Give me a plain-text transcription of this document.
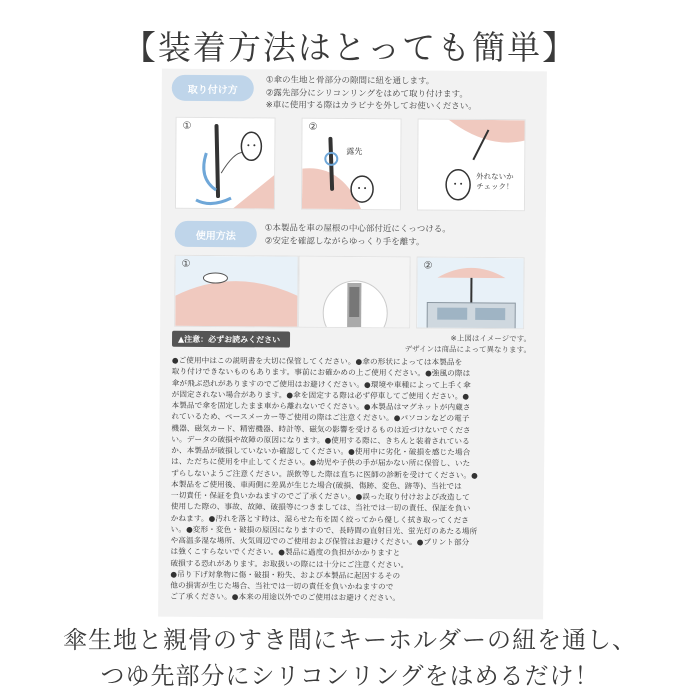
【装着方法はとっても簡単】
取り付け方
①傘の生地と骨部分の隙間に紐を通します。
②露先部分にシリコンリングをはめて取り付けます。
※車に使用する際はカラビナを外してお使いください。
①	②
露先
外れないか
チェック！
使用方法
①本製品を車の屋根の中心部付近にくっつける。
②安定を確認しながらゆっくり手を離す。
①	②
▲注意：必ずお読みください	※上図はイメージです。
デザインは商品によって異なります。

●ご使用中はこの説明書を大切に保管してください。●傘の形状によっては本製品を

取り付けできないものもあります。事前にお確かめの上ご使用ください。●強風の際は

傘が飛ぶ恐れがありますのでご使用はお避けください。●環境や車種によって上手く傘

が固定されない場合があります。●傘を固定する際は必ず停車してご使用ください。●

本製品で傘を固定したまま車から離れないでください。●本製品はマグネットが内蔵さ

れているため、ペースメーカー等ご使用の際はご注意ください。●パソコンなどの電子

機器、磁気カード、精密機器、時計等、磁気の影響を受けるものは近づけないでくださ

い。データの破損や故障の原因になります。●使用する際に、きちんと装着されている

か、本製品が破損していないか確認してください。●使用中に劣化・破損を感じた場合

は、ただちに使用を中止してください。●幼児や子供の手が届かない所に保管し、いた

ずらしないようご注意ください。誤飲等した際は直ちに医師の診断を受けてください。●

本製品をご使用後、車両側に差異が生じた場合(破損、傷跡、変色、跡等)、当社では

一切責任・保証を負いかねますのでご了承ください。●誤った取り付けおよび改造して

使用した際の、事故、故障、破損等につきましては、当社では一切の責任、保証を負い

かねます。●汚れを落とす時は、湿らせた布を固く絞ってから優しく拭き取ってくださ

い。●変形・変色・破損の原因になりますので、長時間の直射日光、蛍光灯のあたる場所

や高温多湿な場所、火気周辺でのご使用および保管はお避けください。●プリント部分

は強くこすらないでください。●製品に過度の負担がかかりますと

破損する恐れがあります。お取扱いの際には十分にご注意ください。

●吊り下げ対象物に傷・破損・粉失、および本製品に起因するその

他の損害が生じた場合、当社では一切の責任を負いかねますので

ご了承ください。●本来の用途以外でのご使用はお避けください。

傘生地と親骨のすき間にキーホルダーの紐を通し、
つゆ先部分にシリコンリングをはめるだけ！
